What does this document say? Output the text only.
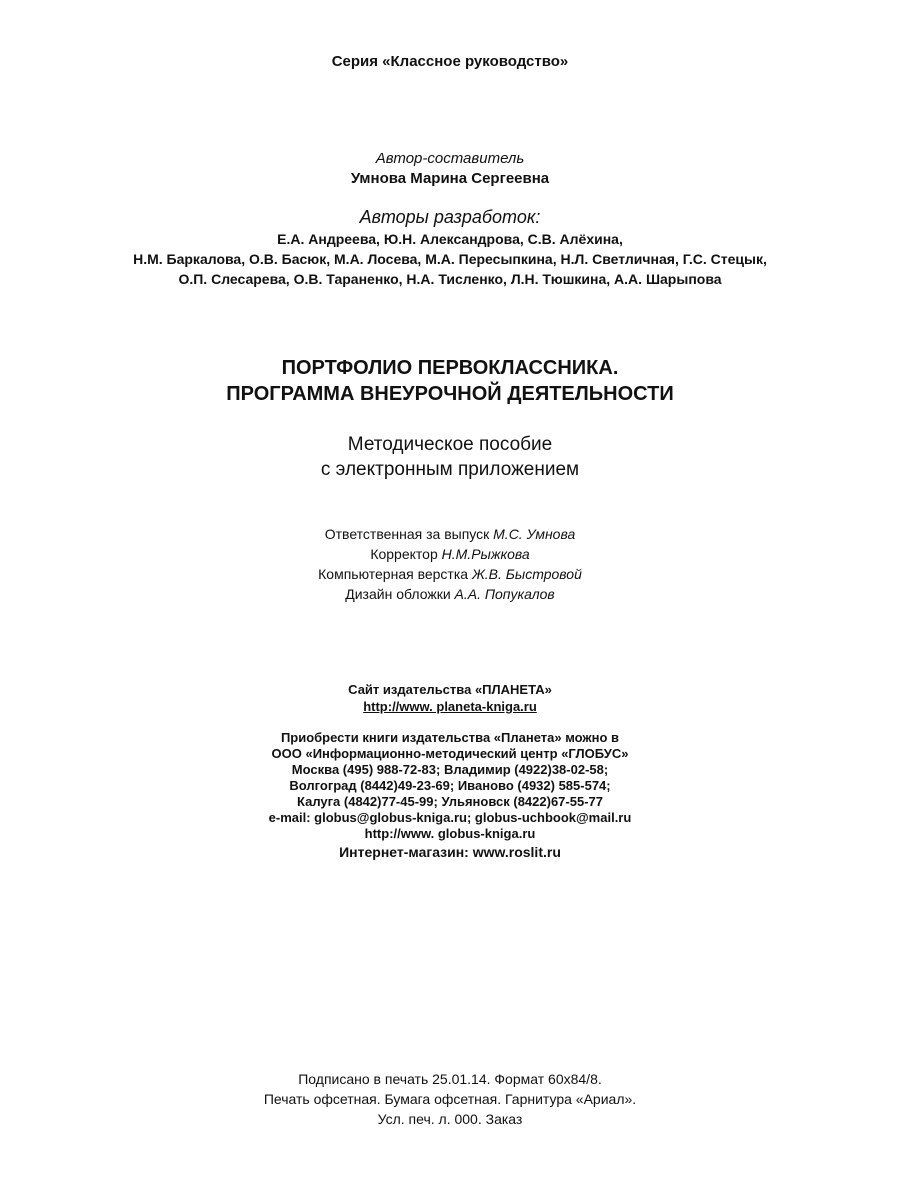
Серия «Классное руководство»
Автор-составитель
Умнова Марина Сергеевна
Авторы разработок:
Е.А. Андреева, Ю.Н. Александрова, С.В. Алёхина,
Н.М. Баркалова, О.В. Басюк, М.А. Лосева, М.А. Пересыпкина, Н.Л. Светличная, Г.С. Стецык,
О.П. Слесарева, О.В. Тараненко, Н.А. Тисленко, Л.Н. Тюшкина, А.А. Шарыпова
ПОРТФОЛИО ПЕРВОКЛАССНИКА.
ПРОГРАММА ВНЕУРОЧНОЙ ДЕЯТЕЛЬНОСТИ
Методическое пособие
с электронным приложением
Ответственная за выпуск М.С. Умнова
Корректор Н.М.Рыжкова
Компьютерная верстка Ж.В. Быстровой
Дизайн обложки А.А. Попукалов
Сайт издательства «ПЛАНЕТА»
http://www. planeta-kniga.ru
Приобрести книги издательства «Планета» можно в
ООО «Информационно-методический центр «ГЛОБУС»
Москва (495) 988-72-83; Владимир (4922)38-02-58;
Волгоград (8442)49-23-69; Иваново (4932) 585-574;
Калуга (4842)77-45-99; Ульяновск (8422)67-55-77
e-mail: globus@globus-kniga.ru; globus-uchbook@mail.ru
http://www. globus-kniga.ru
Интернет-магазин: www.roslit.ru
Подписано в печать 25.01.14. Формат 60х84/8.
Печать офсетная. Бумага офсетная. Гарнитура «Ариал».
Усл. печ. л. 000. Заказ
